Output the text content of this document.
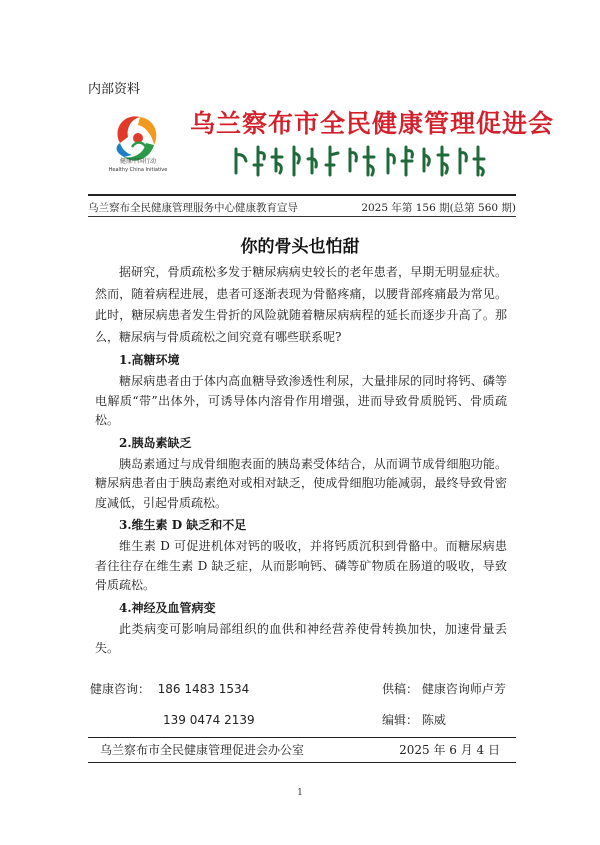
内部资料
健康中国行动
Healthy China Initiative
乌兰察布市全民健康管理促进会
乌兰察布全民健康管理服务中心健康教育宣导	2025 年第 156 期(总第 560 期)
你的骨头也怕甜

据研究，骨质疏松多发于糖尿病病史较长的老年患者，早期无明显症状。然而，随着病程进展，患者可逐渐表现为骨骼疼痛，以腰背部疼痛最为常见。此时，糖尿病患者发生骨折的风险就随着糖尿病病程的延长而逐步升高了。那么，糖尿病与骨质疏松之间究竟有哪些联系呢?

1.高糖环境

糖尿病患者由于体内高血糖导致渗透性利尿，大量排尿的同时将钙、磷等电解质“带”出体外，可诱导体内溶骨作用增强，进而导致骨质脱钙、骨质疏松。

2.胰岛素缺乏

胰岛素通过与成骨细胞表面的胰岛素受体结合，从而调节成骨细胞功能。糖尿病患者由于胰岛素绝对或相对缺乏，使成骨细胞功能减弱，最终导致骨密度减低，引起骨质疏松。

3.维生素 D 缺乏和不足

维生素 D 可促进机体对钙的吸收，并将钙质沉积到骨骼中。而糖尿病患者往往存在维生素 D 缺乏症，从而影响钙、磷等矿物质在肠道的吸收，导致骨质疏松。

4.神经及血管病变

此类病变可影响局部组织的血供和神经营养使骨转换加快，加速骨量丢失。

健康咨询： 186 1483 1534	供稿： 健康咨询师卢芳
139 0474 2139	编辑： 陈威
乌兰察布市全民健康管理促进会办公室	2025 年 6 月 4 日
1
